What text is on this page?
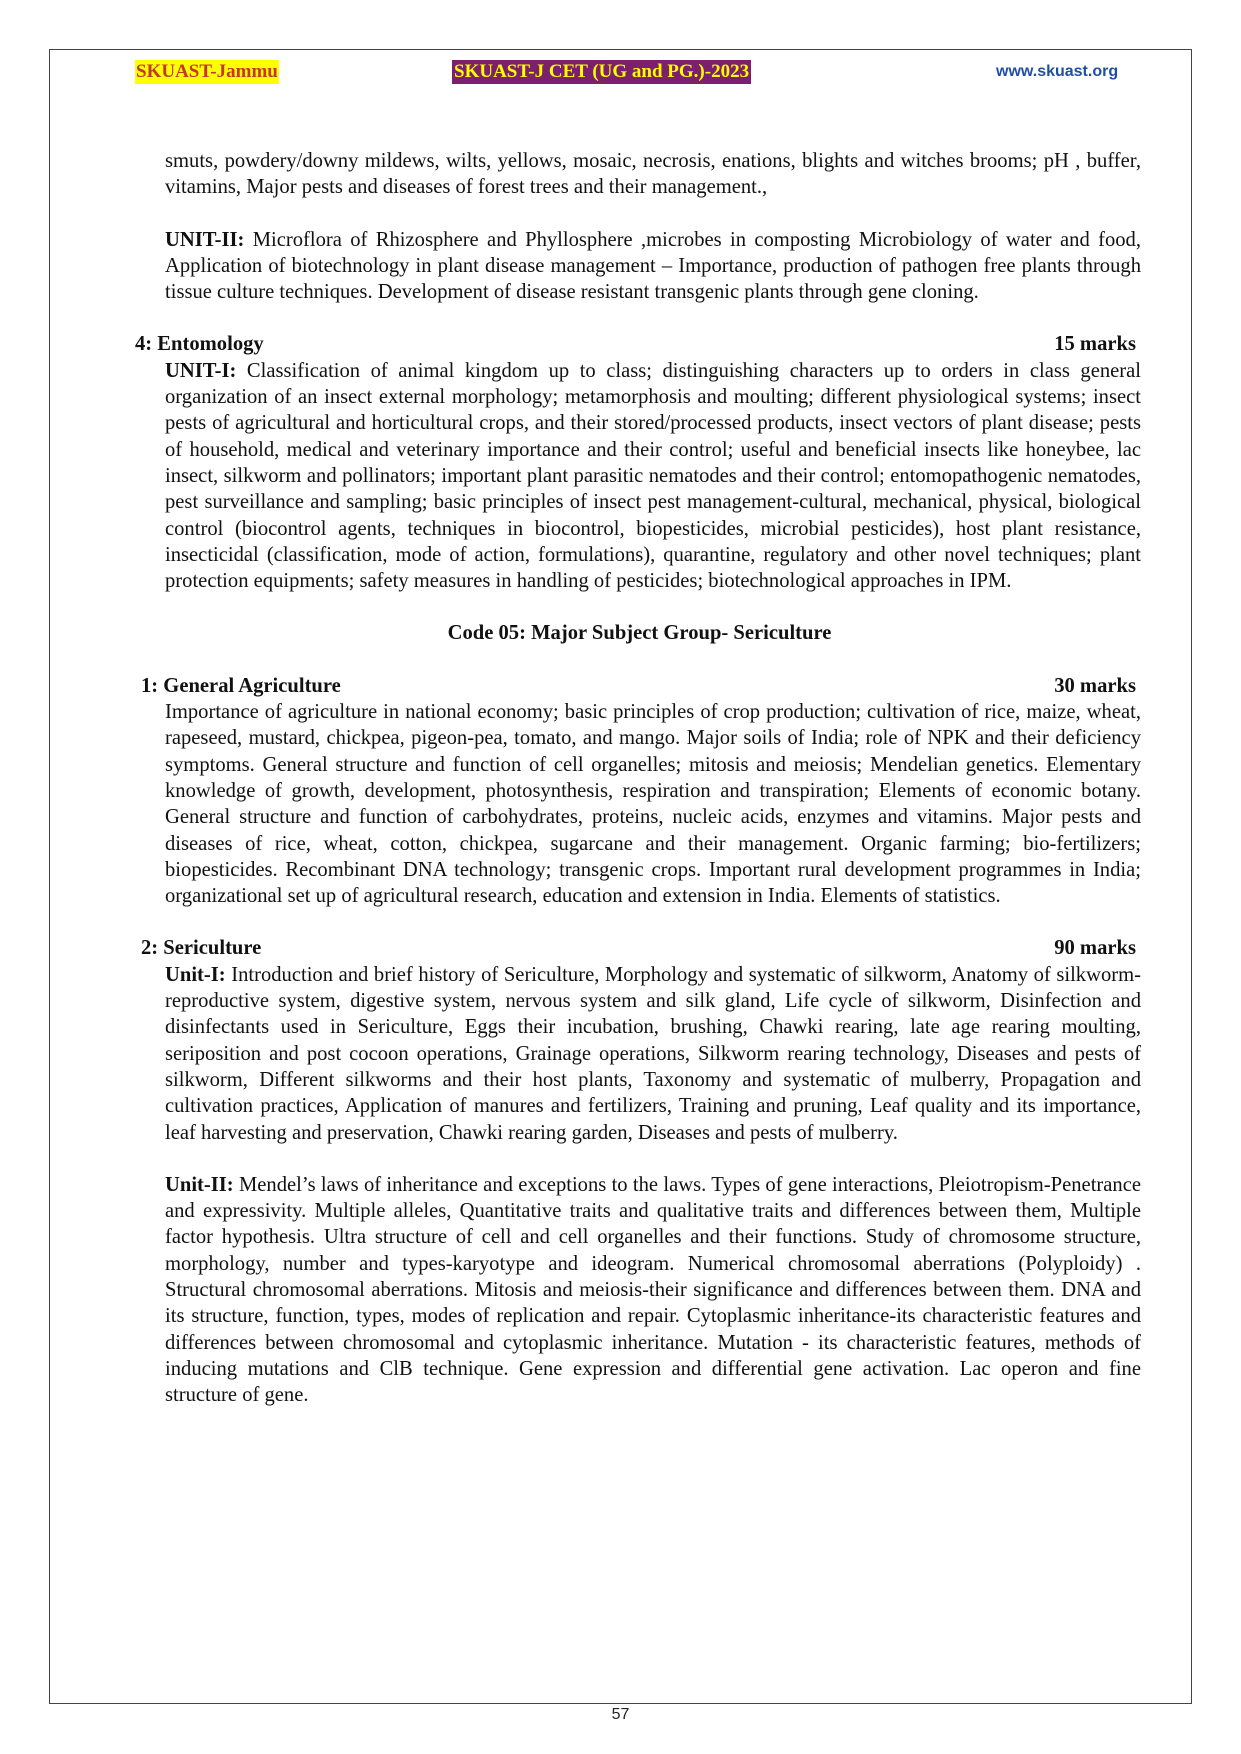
SKUAST-Jammu	SKUAST-J CET (UG and PG.)-2023	www.skuast.org

smuts, powdery/downy mildews, wilts, yellows, mosaic, necrosis, enations, blights and witches brooms; pH , buffer, vitamins, Major pests and diseases of forest trees and their management.,

UNIT-II: Microflora of Rhizosphere and Phyllosphere ,microbes in composting Microbiology of water and food, Application of biotechnology in plant disease management – Importance, production of pathogen free plants through tissue culture techniques. Development of disease resistant transgenic plants through gene cloning.

4: Entomology	15 marks

UNIT-I: Classification of animal kingdom up to class; distinguishing characters up to orders in class general organization of an insect external morphology; metamorphosis and moulting; different physiological systems; insect pests of agricultural and horticultural crops, and their stored/processed products, insect vectors of plant disease; pests of household, medical and veterinary importance and their control; useful and beneficial insects like honeybee, lac insect, silkworm and pollinators; important plant parasitic nematodes and their control; entomopathogenic nematodes, pest surveillance and sampling; basic principles of insect pest management-cultural, mechanical, physical, biological control (biocontrol agents, techniques in biocontrol, biopesticides, microbial pesticides), host plant resistance, insecticidal (classification, mode of action, formulations), quarantine, regulatory and other novel techniques; plant protection equipments; safety measures in handling of pesticides; biotechnological approaches in IPM.

Code 05: Major Subject Group- Sericulture

1: General Agriculture	30 marks

Importance of agriculture in national economy; basic principles of crop production; cultivation of rice, maize, wheat, rapeseed, mustard, chickpea, pigeon-pea, tomato, and mango. Major soils of India; role of NPK and their deficiency symptoms. General structure and function of cell organelles; mitosis and meiosis; Mendelian genetics. Elementary knowledge of growth, development, photosynthesis, respiration and transpiration; Elements of economic botany. General structure and function of carbohydrates, proteins, nucleic acids, enzymes and vitamins. Major pests and diseases of rice, wheat, cotton, chickpea, sugarcane and their management. Organic farming; bio-fertilizers; biopesticides. Recombinant DNA technology; transgenic crops. Important rural development programmes in India; organizational set up of agricultural research, education and extension in India. Elements of statistics.

2: Sericulture	90 marks

Unit-I: Introduction and brief history of Sericulture, Morphology and systematic of silkworm, Anatomy of silkworm- reproductive system, digestive system, nervous system and silk gland, Life cycle of silkworm, Disinfection and disinfectants used in Sericulture, Eggs their incubation, brushing, Chawki rearing, late age rearing moulting, seriposition and post cocoon operations, Grainage operations, Silkworm rearing technology, Diseases and pests of silkworm, Different silkworms and their host plants, Taxonomy and systematic of mulberry, Propagation and cultivation practices, Application of manures and fertilizers, Training and pruning, Leaf quality and its importance, leaf harvesting and preservation, Chawki rearing garden, Diseases and pests of mulberry.

Unit-II: Mendel’s laws of inheritance and exceptions to the laws. Types of gene interactions, Pleiotropism-Penetrance and expressivity. Multiple alleles, Quantitative traits and qualitative traits and differences between them, Multiple factor hypothesis. Ultra structure of cell and cell organelles and their functions. Study of chromosome structure, morphology, number and types-karyotype and ideogram. Numerical chromosomal aberrations (Polyploidy) . Structural chromosomal aberrations. Mitosis and meiosis-their significance and differences between them. DNA and its structure, function, types, modes of replication and repair. Cytoplasmic inheritance-its characteristic features and differences between chromosomal and cytoplasmic inheritance. Mutation - its characteristic features, methods of inducing mutations and ClB technique. Gene expression and differential gene activation. Lac operon and fine structure of gene.

57
